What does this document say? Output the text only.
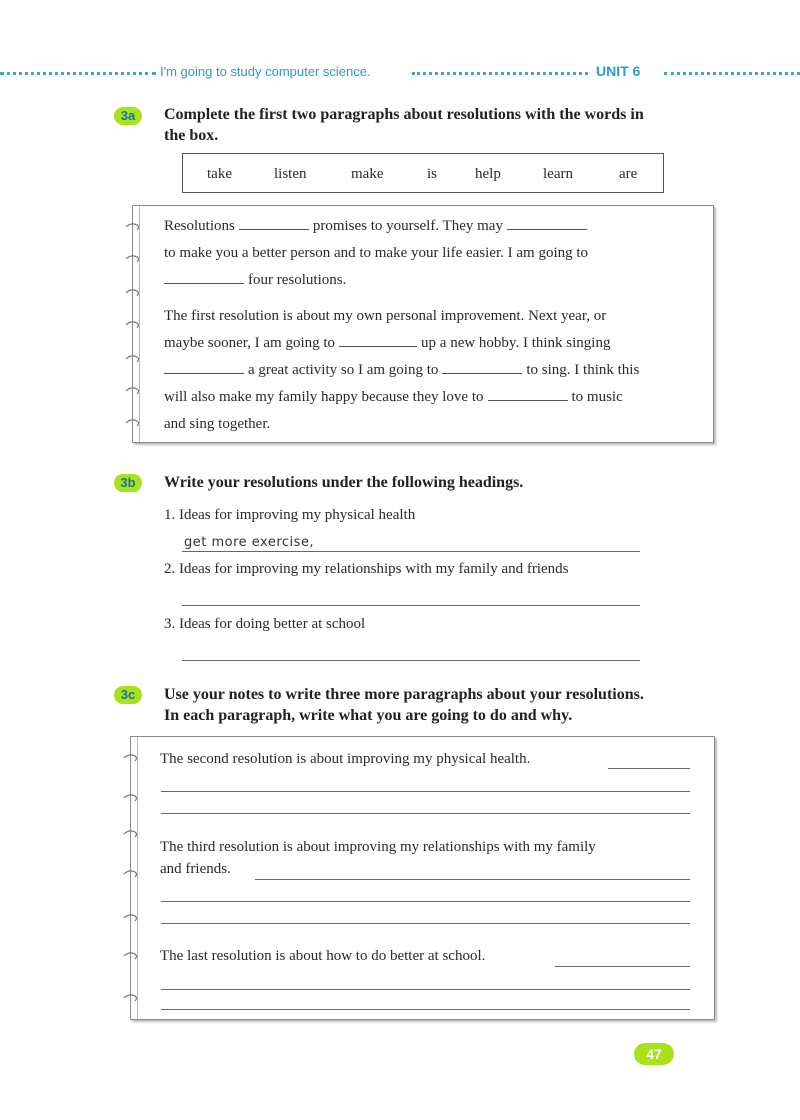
I'm going to study computer science.	UNIT 6
3a	Complete the first two paragraphs about resolutions with the words in
the box.
take	listen	make	is	help	learn	are
Resolutions	promises to yourself. They may
to make you a better person and to make your life easier. I am going to
four resolutions.
The first resolution is about my own personal improvement. Next year, or
maybe sooner, I am going to	up a new hobby. I think singing
a great activity so I am going to	to sing. I think this
will also make my family happy because they love to	to music
and sing together.
3b	Write your resolutions under the following headings.
1. Ideas for improving my physical health
get more exercise,
2. Ideas for improving my relationships with my family and friends
3. Ideas for doing better at school
3c	Use your notes to write three more paragraphs about your resolutions.
In each paragraph, write what you are going to do and why.
The second resolution is about improving my physical health.
The third resolution is about improving my relationships with my family
and friends.
The last resolution is about how to do better at school.
47
